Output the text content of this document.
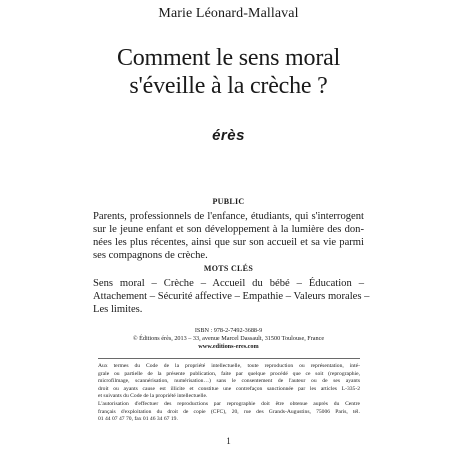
Marie Léonard-Mallaval
Comment le sens moral
s'éveille à la crèche ?
érès
PUBLIC
Parents, professionnels de l'enfance, étudiants, qui s'interrogent
sur le jeune enfant et son développement à la lumière des don-
nées les plus récentes, ainsi que sur son accueil et sa vie parmi
ses compagnons de crèche.
MOTS CLÉS
Sens moral – Crèche – Accueil du bébé – Éducation –
Attachement – Sécurité affective – Empathie – Valeurs morales –
Les limites.
ISBN : 978-2-7492-3688-9
© Éditions érès, 2013 – 33, avenue Marcel Dassault, 31500 Toulouse, France
www.editions-eres.com
Aux termes du Code de la propriété intellectuelle, toute reproduction ou représentation, inté-
grale ou partielle de la présente publication, faite par quelque procédé que ce soit (reprographie,
microfilmage, scannérisation, numérisation…) sans le consentement de l'auteur ou de ses ayants
droit ou ayants cause est illicite et constitue une contrefaçon sanctionnée par les articles L-335-2
et suivants du Code de la propriété intellectuelle.
L'autorisation d'effectuer des reproductions par reprographie doit être obtenue auprès du Centre
français d'exploitation du droit de copie (CFC), 20, rue des Grands-Augustins, 75006 Paris, tél.
01 44 07 47 70, fax 01 46 34 67 19.
1
